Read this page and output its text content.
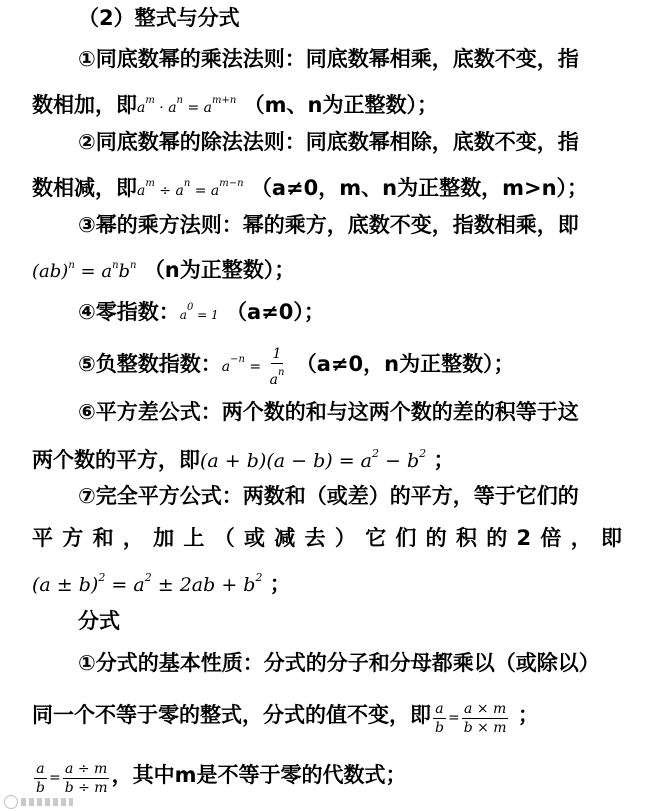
（2）整式与分式
①同底数幂的乘法法则：同底数幂相乘，底数不变，指
数相加，即$a^m \cdot a^n = a^{m+n}$ （m、n为正整数）；
②同底数幂的除法法则：同底数幂相除，底数不变，指
数相减，即$a^m \div a^n = a^{m-n}$ （a≠0，m、n为正整数，m>n）；
③幂的乘方法则：幂的乘方，底数不变，指数相乘，即
$(ab)^n = a^nb^n$ （n为正整数）；
④零指数：$a^0 = 1$ （a≠0）；
⑤负整数指数：$a^{-n} = \frac{1}{a^n} (a\ne 0$，n为正整数）；
⑥平方差公式：两个数的和与这两个数的差的积等于这
两个数的平方，即$(a + b)(a - b) = a^2 - b^2$ ；
⑦完全平方公式：两数和（或差）的平方，等于它们的
平方和，加上（或减去）它们的积的2倍，即
$(a \pm b)^2 = a^2 \pm 2ab + b^2$ ；
分式
①分式的基本性质：分式的分子和分母都乘以（或除以）
同一个不等于零的整式，分式的值不变，即 $\frac{a}{b} = \frac{a \times m}{b \times m}$ ；
$\frac{a}{b} = \frac{a \div m}{b \div m}$ ，其中m是不等于零的代数式；
